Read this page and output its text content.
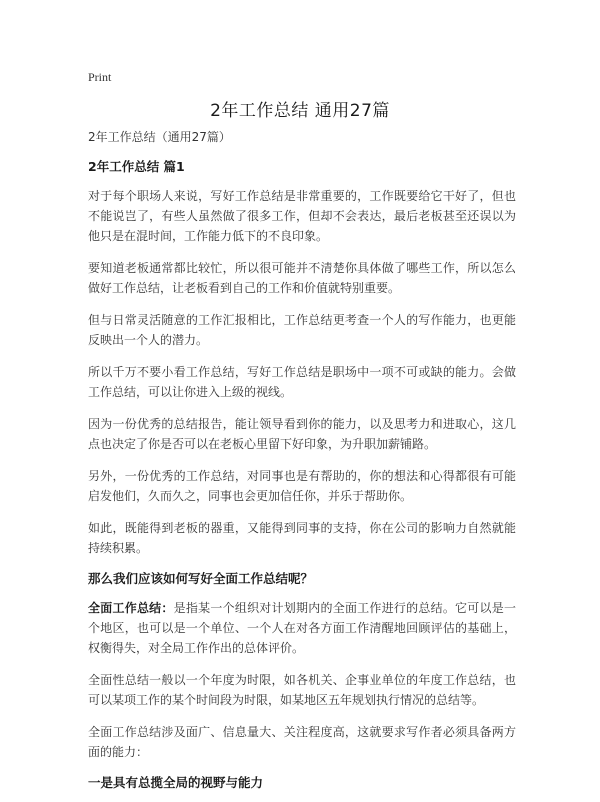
Print
2年工作总结 通用27篇

2年工作总结（通用27篇）

2年工作总结 篇1

对于每个职场人来说，写好工作总结是非常重要的，工作既要给它干好了，但也不能说岂了，有些人虽然做了很多工作，但却不会表达，最后老板甚至还误以为他只是在混时间，工作能力低下的不良印象。

要知道老板通常都比较忙，所以很可能并不清楚你具体做了哪些工作，所以怎么做好工作总结，让老板看到自己的工作和价值就特别重要。

但与日常灵活随意的工作汇报相比，工作总结更考查一个人的写作能力，也更能反映出一个人的潜力。

所以千万不要小看工作总结，写好工作总结是职场中一项不可或缺的能力。会做工作总结，可以让你进入上级的视线。

因为一份优秀的总结报告，能让领导看到你的能力，以及思考力和进取心，这几点也决定了你是否可以在老板心里留下好印象，为升职加薪铺路。

另外，一份优秀的工作总结，对同事也是有帮助的，你的想法和心得都很有可能启发他们，久而久之，同事也会更加信任你，并乐于帮助你。

如此，既能得到老板的器重，又能得到同事的支持，你在公司的影响力自然就能持续积累。

那么我们应该如何写好全面工作总结呢？

全面工作总结：是指某一个组织对计划期内的全面工作进行的总结。它可以是一个地区，也可以是一个单位、一个人在对各方面工作清醒地回顾评估的基础上，权衡得失，对全局工作作出的总体评价。

全面性总结一般以一个年度为时限，如各机关、企事业单位的年度工作总结，也可以某项工作的某个时间段为时限，如某地区五年规划执行情况的总结等。

全面工作总结涉及面广、信息量大、关注程度高，这就要求写作者必须具备两方面的能力：

一是具有总揽全局的视野与能力
